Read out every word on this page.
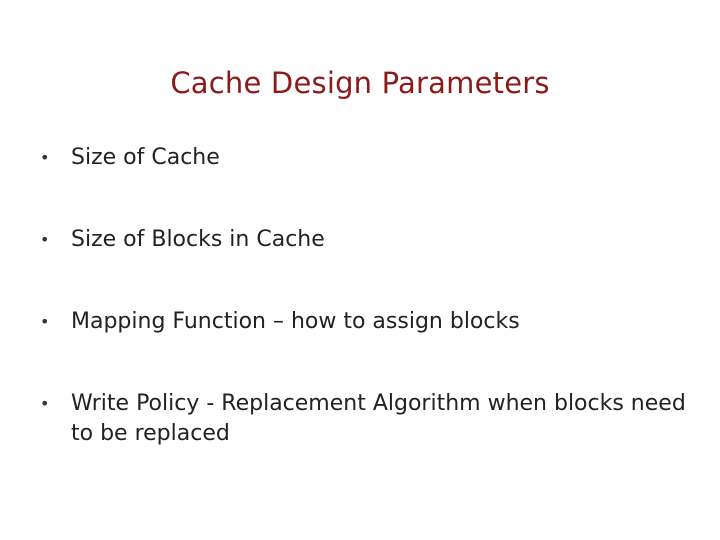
Cache Design Parameters
• Size of Cache
• Size of Blocks in Cache
• Mapping Function – how to assign blocks
• Write Policy - Replacement Algorithm when blocks need to be replaced
